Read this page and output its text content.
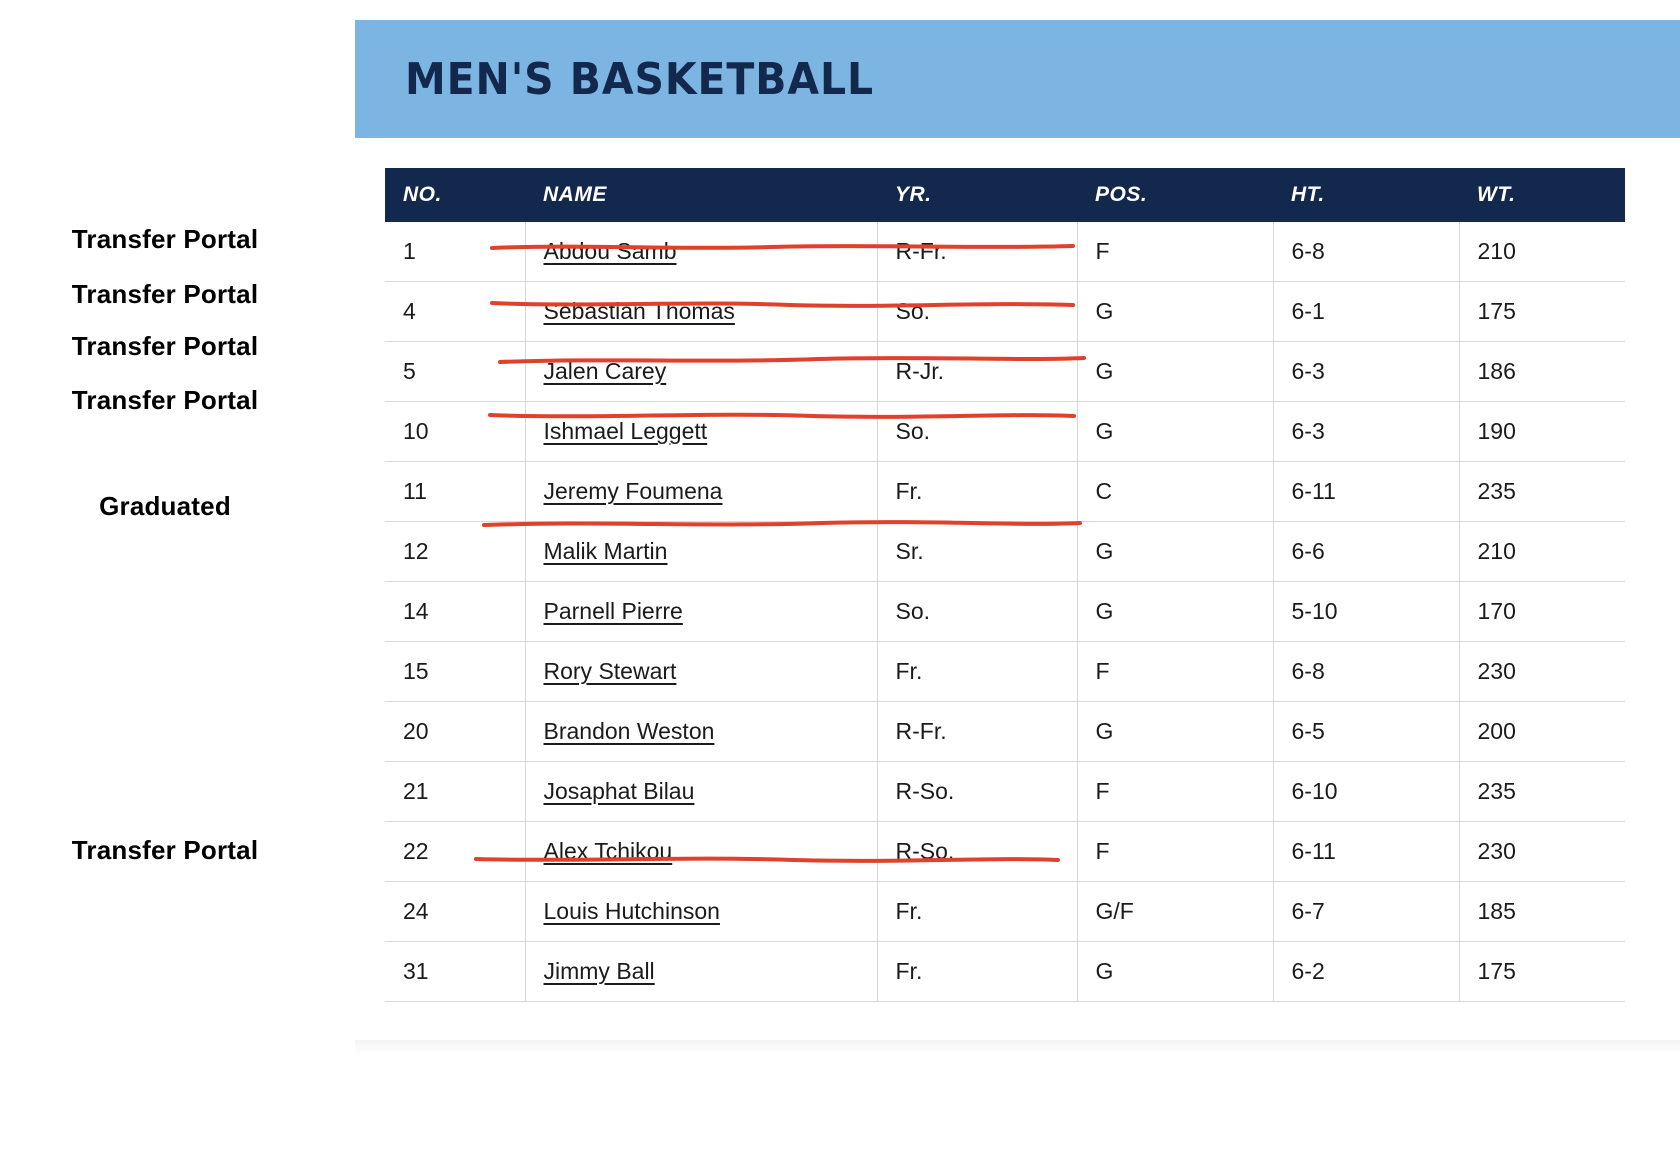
Transfer Portal
Transfer Portal
Transfer Portal
Transfer Portal
Graduated
Transfer Portal
MEN'S BASKETBALL
NO.	NAME	YR.	POS.	HT.	WT.
1	Abdou Samb	R-Fr.	F	6-8	210
4	Sebastian Thomas	So.	G	6-1	175
5	Jalen Carey	R-Jr.	G	6-3	186
10	Ishmael Leggett	So.	G	6-3	190
11	Jeremy Foumena	Fr.	C	6-11	235
12	Malik Martin	Sr.	G	6-6	210
14	Parnell Pierre	So.	G	5-10	170
15	Rory Stewart	Fr.	F	6-8	230
20	Brandon Weston	R-Fr.	G	6-5	200
21	Josaphat Bilau	R-So.	F	6-10	235
22	Alex Tchikou	R-So.	F	6-11	230
24	Louis Hutchinson	Fr.	G/F	6-7	185
31	Jimmy Ball	Fr.	G	6-2	175
